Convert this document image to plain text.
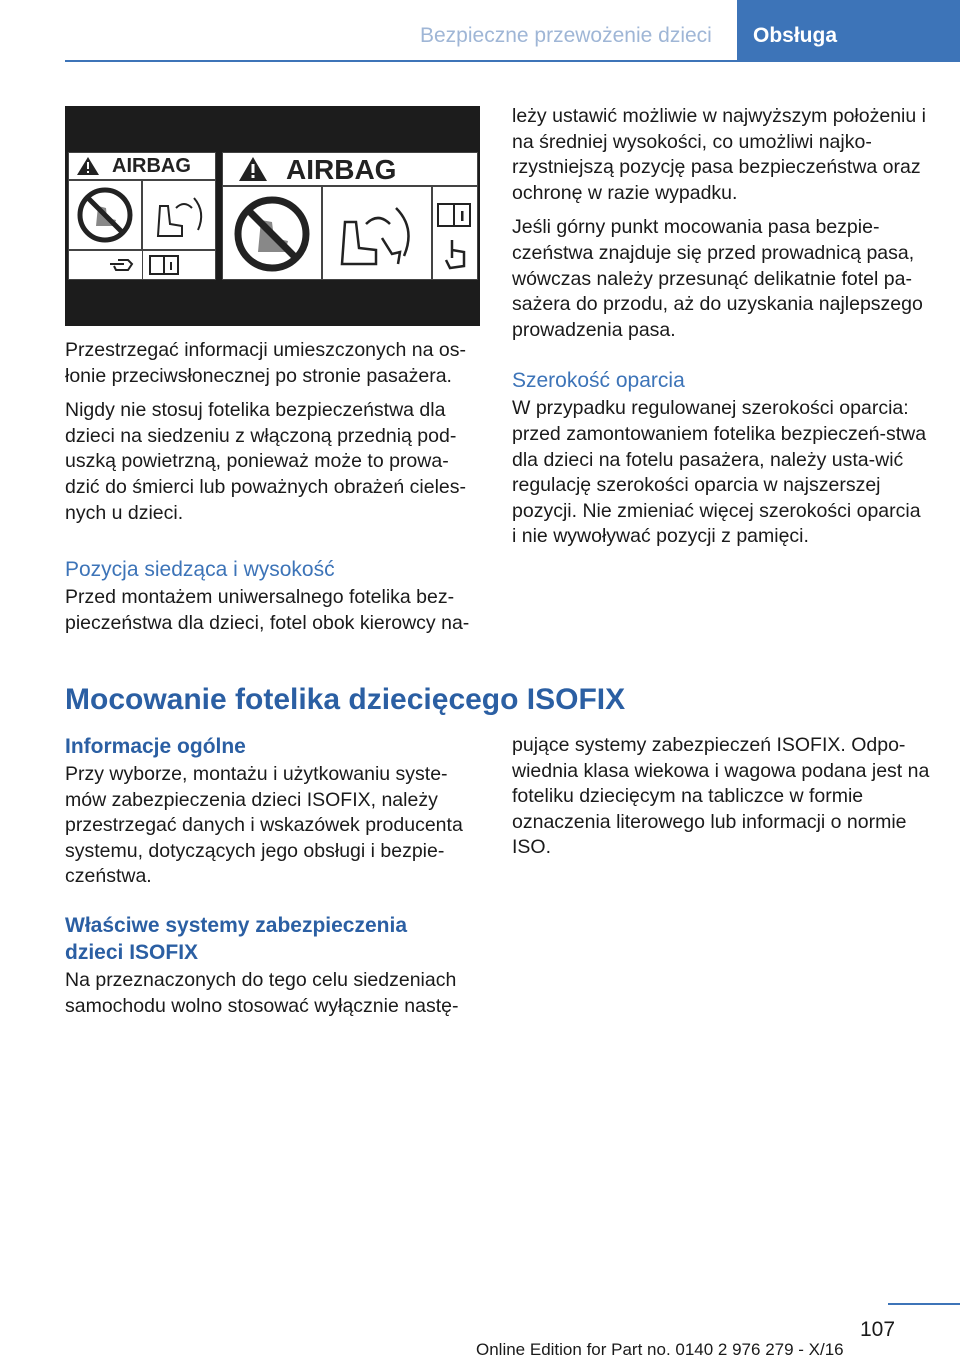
Bezpieczne przewożenie dzieci	Obsługa
AIRBAG	AIRBAG

Przestrzegać informacji umieszczonych na os‐łonie przeciwsłonecznej po stronie pasażera.

Nigdy nie stosuj fotelika bezpieczeństwa dla dzieci na siedzeniu z włączoną przednią pod‐uszką powietrzną, ponieważ może to prowa‐dzić do śmierci lub poważnych obrażeń cieles‐nych u dzieci.

Pozycja siedząca i wysokość

Przed montażem uniwersalnego fotelika bez‐pieczeństwa dla dzieci, fotel obok kierowcy na‐

leży ustawić możliwie w najwyższym położeniu i na średniej wysokości, co umożliwi najko‐rzystniejszą pozycję pasa bezpieczeństwa oraz ochronę w razie wypadku.

Jeśli górny punkt mocowania pasa bezpie‐czeństwa znajduje się przed prowadnicą pasa, wówczas należy przesunąć delikatnie fotel pa‐sażera do przodu, aż do uzyskania najlepszego prowadzenia pasa.

Szerokość oparcia

W przypadku regulowanej szerokości oparcia: przed zamontowaniem fotelika bezpieczeń‐stwa dla dzieci na fotelu pasażera, należy usta‐wić regulację szerokości oparcia w najszerszej pozycji. Nie zmieniać więcej szerokości oparcia i nie wywoływać pozycji z pamięci.

Mocowanie fotelika dziecięcego ISOFIX
Informacje ogólne

Przy wyborze, montażu i użytkowaniu syste‐mów zabezpieczenia dzieci ISOFIX, należy przestrzegać danych i wskazówek producenta systemu, dotyczących jego obsługi i bezpie‐czeństwa.

Właściwe systemy zabezpieczenia dzieci ISOFIX

Na przeznaczonych do tego celu siedzeniach samochodu wolno stosować wyłącznie nastę‐

pujące systemy zabezpieczeń ISOFIX. Odpo‐wiednia klasa wiekowa i wagowa podana jest na foteliku dziecięcym na tabliczce w formie oznaczenia literowego lub informacji o normie ISO.

107
Online Edition for Part no. 0140 2 976 279 - X/16
